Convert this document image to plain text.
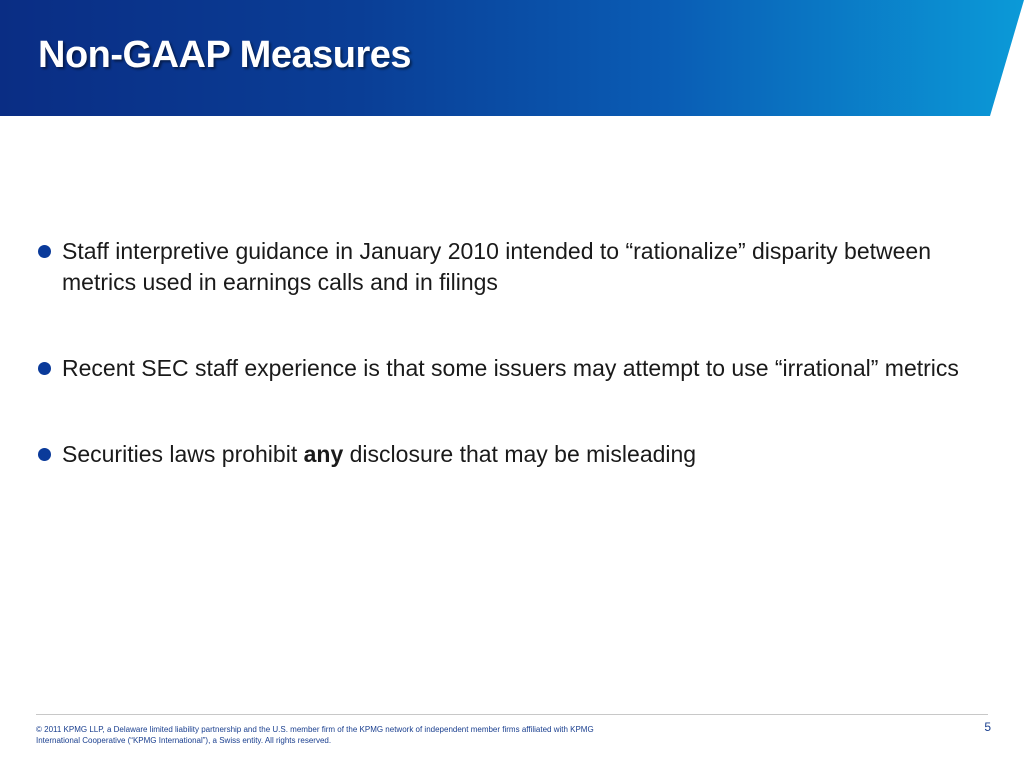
Non-GAAP Measures
Staff interpretive guidance in January 2010 intended to “rationalize” disparity between metrics used in earnings calls and in filings
Recent SEC staff experience is that some issuers may attempt to use “irrational” metrics
Securities laws prohibit any disclosure that may be misleading
© 2011 KPMG LLP, a Delaware limited liability partnership and the U.S. member firm of the KPMG network of independent member firms affiliated with KPMG
International Cooperative (“KPMG International”), a Swiss entity. All rights reserved.
5
